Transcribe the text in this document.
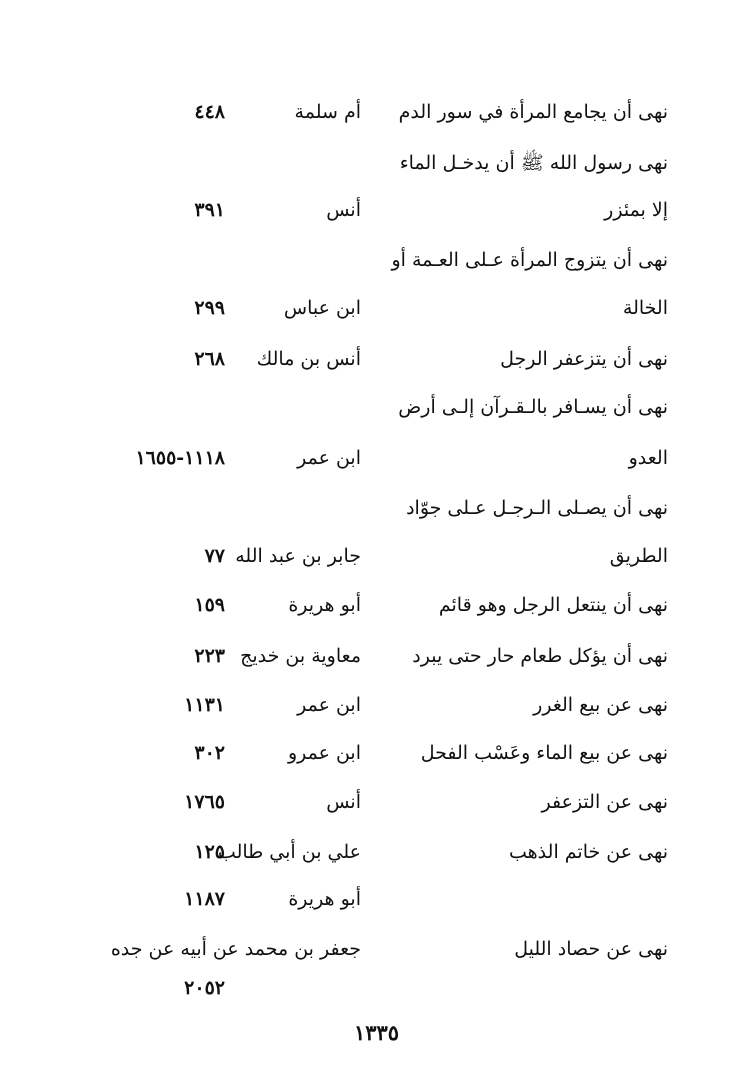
نهى أن يجامع المرأة في سور الدم
أم سلمة
٤٤٨
نهى رسول الله ﷺ أن يدخـل الماء
إلا بمئزر
أنس
٣٩١
نهى أن يتزوج المرأة عـلى العـمة أو
الخالة
ابن عباس
٢٩٩
نهى أن يتزعفر الرجل
أنس بن مالك
٢٦٨
نهى أن يسـافر بالـقـرآن إلـى أرض
العدو
ابن عمر
١١١٨-١٦٥٥
نهى أن يصـلى الـرجـل عـلى جوّاد
الطريق
جابر بن عبد الله
٧٧
نهى أن ينتعل الرجل وهو قائم
أبو هريرة
١٥٩
نهى أن يؤكل طعام حار حتى يبرد
معاوية بن خديج
٢٢٣
نهى عن بيع الغرر
ابن عمر
١١٣١
نهى عن بيع الماء وعَسْب الفحل
ابن عمرو
٣٠٢
نهى عن التزعفر
أنس
١٧٦٥
نهى عن خاتم الذهب
علي بن أبي طالب
١٢٥
أبو هريرة
١١٨٧
نهى عن حصاد الليل
جعفر بن محمد عن أبيه عن جده
٢٠٥٢
١٣٣٥
